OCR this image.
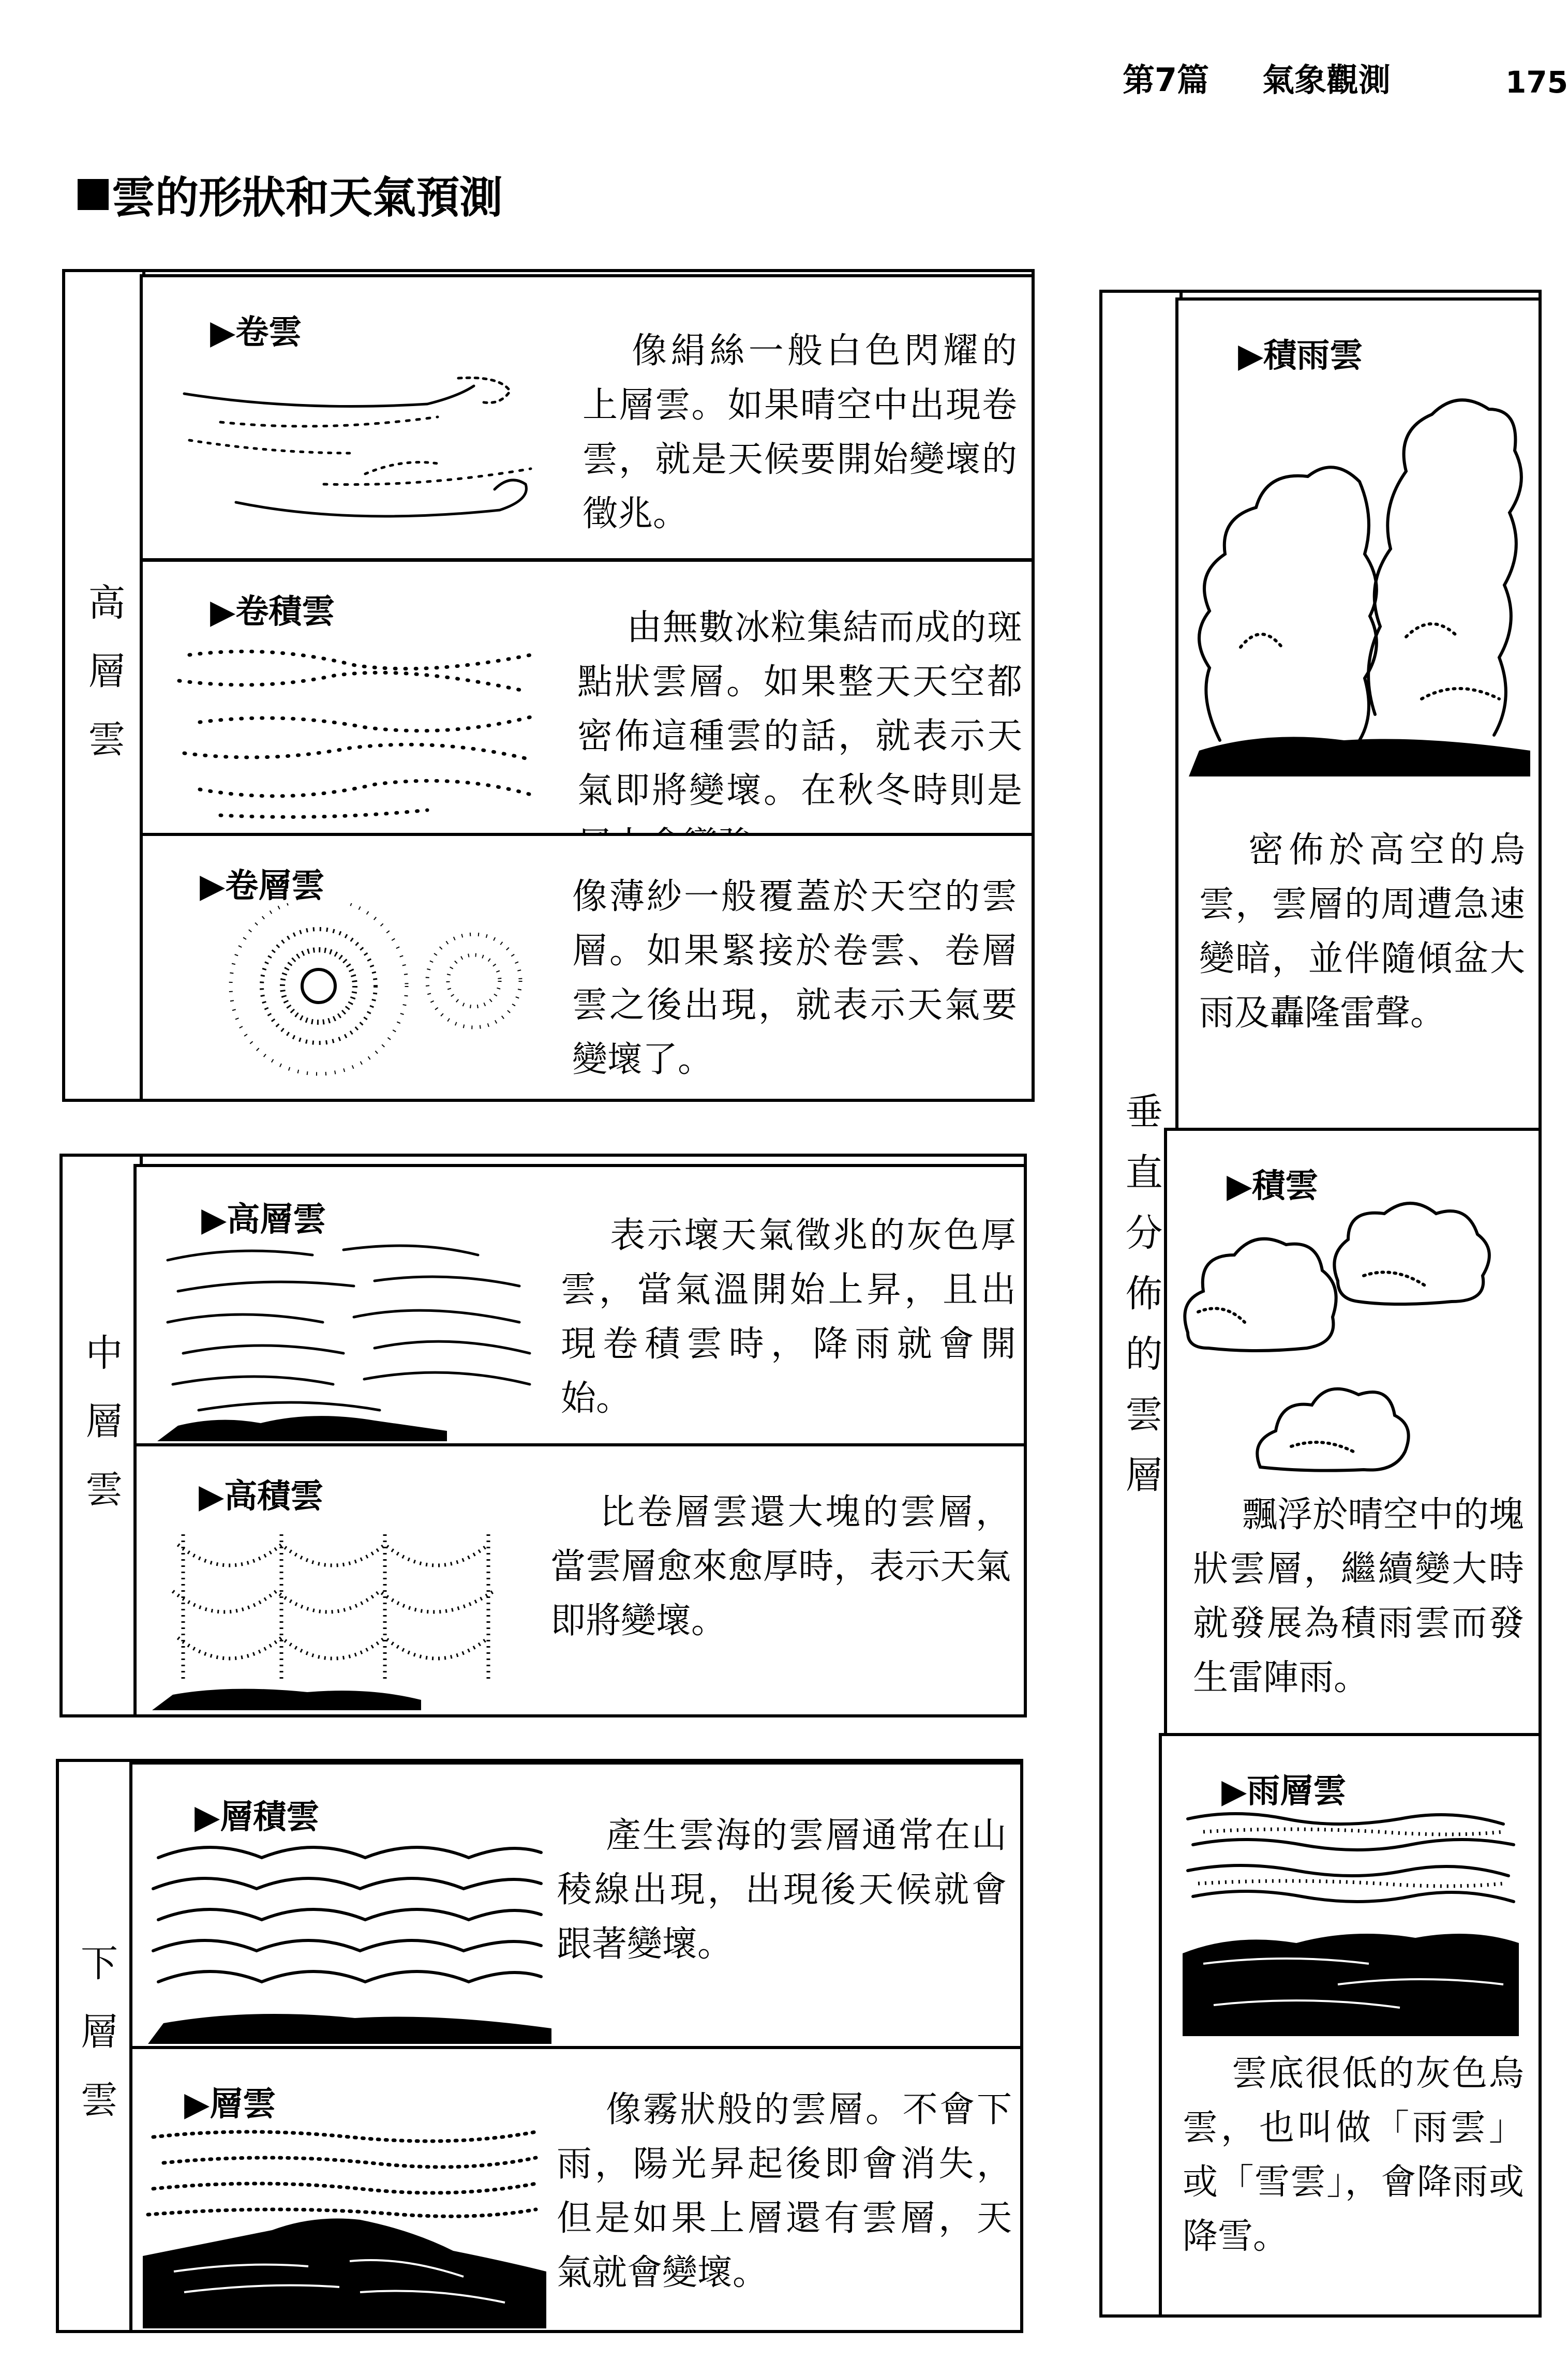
第7篇 氣象觀測	175
雲的形狀和天氣預測
高層雲
▶卷雲	像絹絲一般白色閃耀的上層雲。如果晴空中出現卷雲，就是天候要開始變壞的徵兆。
▶卷積雲	由無數冰粒集結而成的斑點狀雲層。如果整天天空都密佈這種雲的話，就表示天氣即將變壞。在秋冬時則是
▶卷層雲	像薄紗一般覆蓋於天空的雲層。如果緊接於卷雲、卷層雲之後出現，就表示天氣要變壞了。
中層雲
▶高層雲	表示壞天氣徵兆的灰色厚雲，當氣溫開始上昇，且出現卷積雲時，降雨就會開始。
▶高積雲	比卷層雲還大塊的雲層，當雲層愈來愈厚時，表示天氣即將變壞。
下層雲
▶層積雲	產生雲海的雲層通常在山稜線出現，出現後天候就會跟著變壞。
▶層雲	像霧狀般的雲層。不會下雨，陽光昇起後即會消失，但是如果上層還有雲層，天氣就會變壞。
垂直分佈的雲層
▶積雨雲
密佈於高空的烏雲，雲層的周遭急速變暗，並伴隨傾盆大雨及轟隆雷聲。
▶積雲
飄浮於晴空中的塊狀雲層，繼續變大時就發展為積雨雲而發生雷陣雨。
▶雨層雲
雲底很低的灰色烏雲，也叫做「雨雲」或「雪雲」，會降雨或降雪。
